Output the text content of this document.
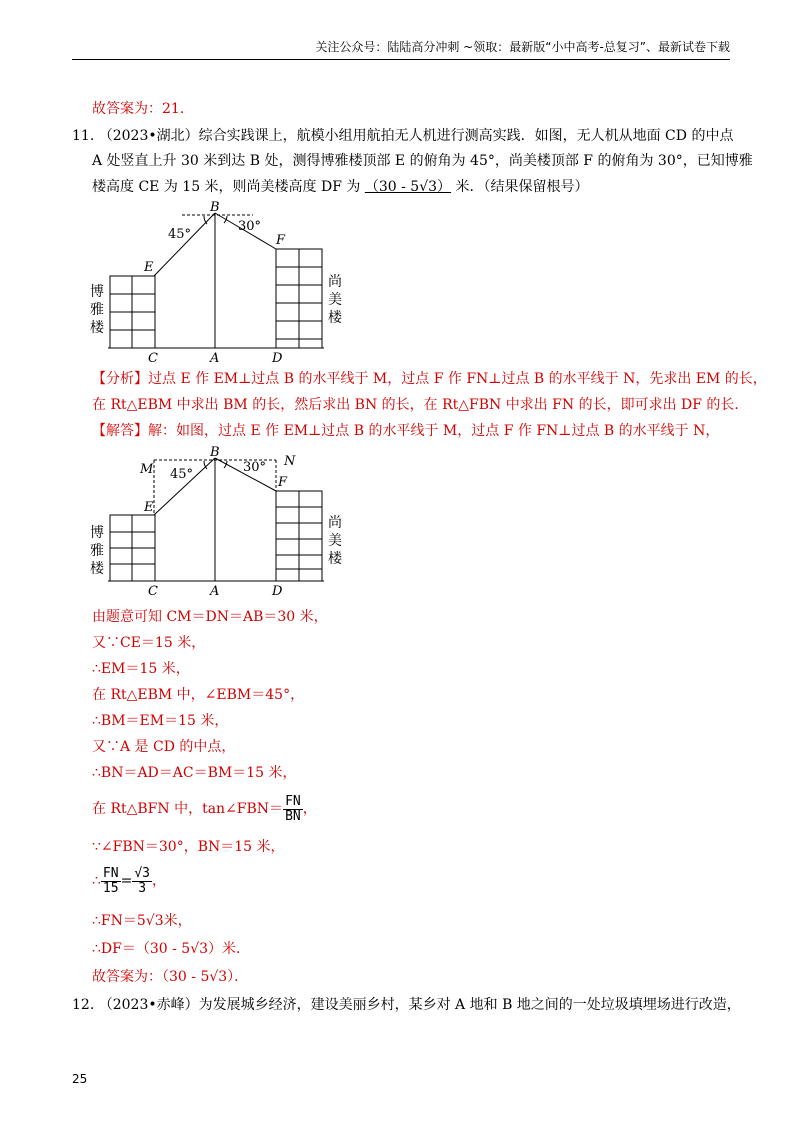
关注公众号：陆陆高分冲刺 ~领取：最新版“小中高考-总复习”、最新试卷下载
故答案为：21.
11. （2023•湖北）综合实践课上，航模小组用航拍无人机进行测高实践．如图，无人机从地面 CD 的中点
A 处竖直上升 30 米到达 B 处，测得博雅楼顶部 E 的俯角为 45°，尚美楼顶部 F 的俯角为 30°，已知博雅
楼高度 CE 为 15 米，则尚美楼高度 DF 为 （30 - 5√3） 米．（结果保留根号）
B
45°
30°
E
F
C	A	D
博
雅
楼
尚
美
楼
【分析】过点 E 作 EM⊥过点 B 的水平线于 M，过点 F 作 FN⊥过点 B 的水平线于 N，先求出 EM 的长，
在 Rt△EBM 中求出 BM 的长，然后求出 BN 的长，在 Rt△FBN 中求出 FN 的长，即可求出 DF 的长．
【解答】解：如图，过点 E 作 EM⊥过点 B 的水平线于 M，过点 F 作 FN⊥过点 B 的水平线于 N，
B
M
N
45°	30°
E
F
C	A	D
博
雅
楼
尚
美
楼
由题意可知 CM＝DN＝AB＝30 米，
又∵CE＝15 米，
∴EM＝15 米，
在 Rt△EBM 中，∠EBM＝45°，
∴BM＝EM＝15 米，
又∵A 是 CD 的中点，
∴BN＝AD＝AC＝BM＝15 米，
在 Rt△BFN 中，tan∠FBN＝ $\frac{FN}{BN}$ ，
∵∠FBN＝30°，BN＝15 米，
∴ $\frac{FN}{15} = \frac{√3}{3}$ ，
∴FN＝5√3米，
∴DF＝（30 - 5√3）米．
故答案为：（30 - 5√3）．
12. （2023•赤峰）为发展城乡经济，建设美丽乡村，某乡对 A 地和 B 地之间的一处垃圾填埋场进行改造，
25
